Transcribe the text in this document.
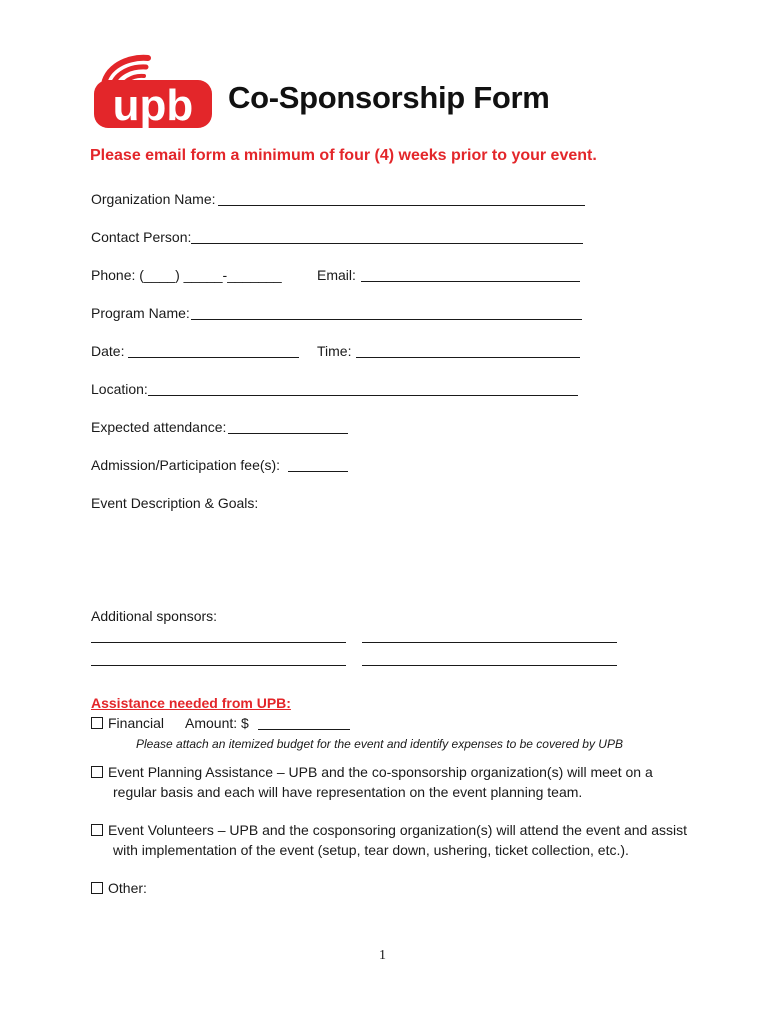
upb Co-Sponsorship Form
Please email form a minimum of four (4) weeks prior to your event.
Organization Name:
Contact Person:
Phone: (____) _____-_______	Email:
Program Name:
Date:	Time:
Location:
Expected attendance:
Admission/Participation fee(s):
Event Description & Goals:
Additional sponsors:
Assistance needed from UPB:
Financial Amount: $
Please attach an itemized budget for the event and identify expenses to be covered by UPB
Event Planning Assistance – UPB and the co-sponsorship organization(s) will meet on a
regular basis and each will have representation on the event planning team.
Event Volunteers – UPB and the cosponsoring organization(s) will attend the event and assist
with implementation of the event (setup, tear down, ushering, ticket collection, etc.).
Other:
1
